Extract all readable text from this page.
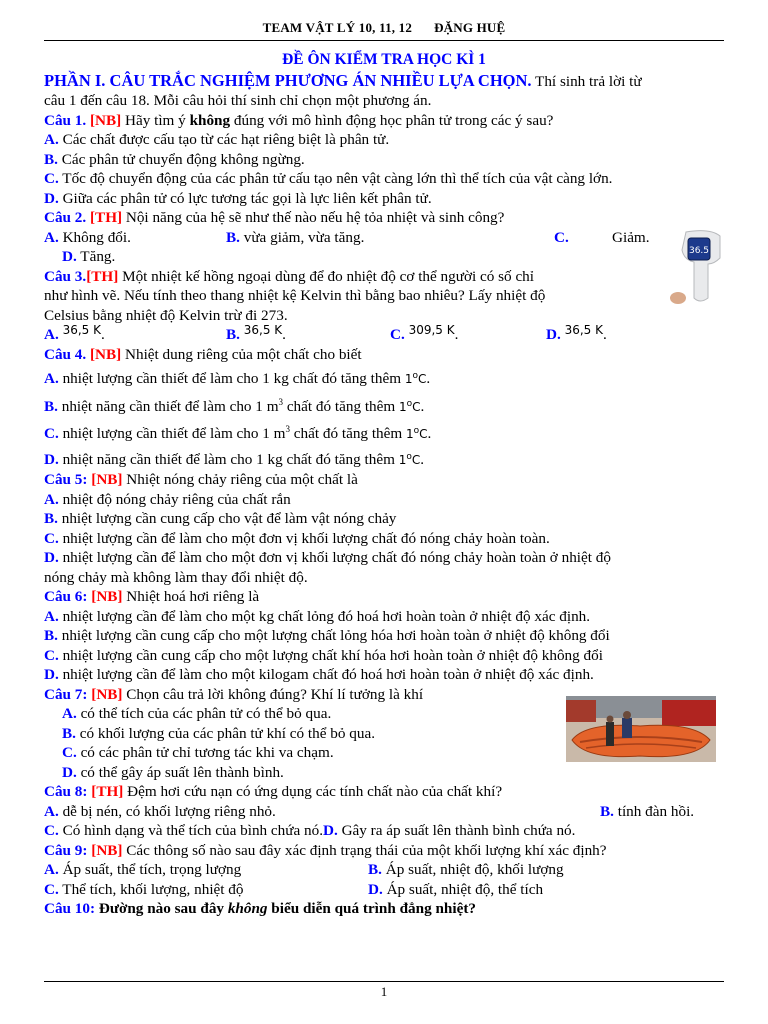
TEAM VẬT LÝ 10, 11, 12 ĐẶNG HUỆ
36.5
ĐỀ ÔN KIỂM TRA HỌC KÌ 1
PHẦN I. CÂU TRẮC NGHIỆM PHƯƠNG ÁN NHIỀU LỰA CHỌN. Thí sinh trả lời từ
câu 1 đến câu 18. Mỗi câu hỏi thí sinh chỉ chọn một phương án.
Câu 1. [NB] Hãy tìm ý không đúng với mô hình động học phân tử trong các ý sau?
A. Các chất được cấu tạo từ các hạt riêng biệt là phân tử.
B. Các phân tử chuyển động không ngừng.
C. Tốc độ chuyển động của các phân tử cấu tạo nên vật càng lớn thì thể tích của vật càng lớn.
D. Giữa các phân tử có lực tương tác gọi là lực liên kết phân tử.
Câu 2. [TH] Nội năng của hệ sẽ như thế nào nếu hệ tỏa nhiệt và sinh công?
A. Không đổi.	B. vừa giảm, vừa tăng.	C.	Giảm.
D. Tăng.
Câu 3.[TH] Một nhiệt kế hồng ngoại dùng để đo nhiệt độ cơ thể người có số chỉ
như hình vẽ. Nếu tính theo thang nhiệt kệ Kelvin thì bằng bao nhiêu? Lấy nhiệt độ
Celsius bằng nhiệt độ Kelvin trừ đi 273.
A. $^{36,5 K}$.	B. $^{36,5 K}$.	C. $^{309,5 K}$.	D. $^{36,5 K}$.
Câu 4. [NB] Nhiệt dung riêng của một chất cho biết
A. nhiệt lượng cần thiết để làm cho 1 kg chất đó tăng thêm 1$^o$C.
B. nhiệt năng cần thiết để làm cho 1 $m^3$ chất đó tăng thêm 1$^o$C.
C. nhiệt lượng cần thiết để làm cho 1 $m^3$ chất đó tăng thêm 1$^o$C.
D. nhiệt năng cần thiết để làm cho 1 kg chất đó tăng thêm 1$^o$C.
Câu 5: [NB] Nhiệt nóng chảy riêng của một chất là
A. nhiệt độ nóng chảy riêng của chất rắn
B. nhiệt lượng cần cung cấp cho vật để làm vật nóng chảy
C. nhiệt lượng cần để làm cho một đơn vị khối lượng chất đó nóng chảy hoàn toàn.
D. nhiệt lượng cần để làm cho một đơn vị khối lượng chất đó nóng chảy hoàn toàn ở nhiệt độ
nóng chảy mà không làm thay đổi nhiệt độ.
Câu 6: [NB] Nhiệt hoá hơi riêng là
A. nhiệt lượng cần để làm cho một kg chất lỏng đó hoá hơi hoàn toàn ở nhiệt độ xác định.
B. nhiệt lượng cần cung cấp cho một lượng chất lỏng hóa hơi hoàn toàn ở nhiệt độ không đổi
C. nhiệt lượng cần cung cấp cho một lượng chất khí hóa hơi hoàn toàn ở nhiệt độ không đổi
D. nhiệt lượng cần để làm cho một kilogam chất đó hoá hơi hoàn toàn ở nhiệt độ xác định.
Câu 7: [NB] Chọn câu trả lời không đúng? Khí lí tưởng là khí
A. có thể tích của các phân tử có thể bỏ qua.
B. có khối lượng của các phân tử khí có thể bỏ qua.
C. có các phân tử chỉ tương tác khi va chạm.
D. có thể gây áp suất lên thành bình.
Câu 8: [TH] Đệm hơi cứu nạn có ứng dụng các tính chất nào của chất khí?
A. dễ bị nén, có khối lượng riêng nhỏ.	B. tính đàn hồi.
C. Có hình dạng và thể tích của bình chứa nó.D. Gây ra áp suất lên thành bình chứa nó.
Câu 9: [NB] Các thông số nào sau đây xác định trạng thái của một khối lượng khí xác định?
A. Áp suất, thể tích, trọng lượng	B. Áp suất, nhiệt độ, khối lượng
C. Thể tích, khối lượng, nhiệt độ	D. Áp suất, nhiệt độ, thể tích
Câu 10: Đường nào sau đây không biểu diễn quá trình đẳng nhiệt?
1
